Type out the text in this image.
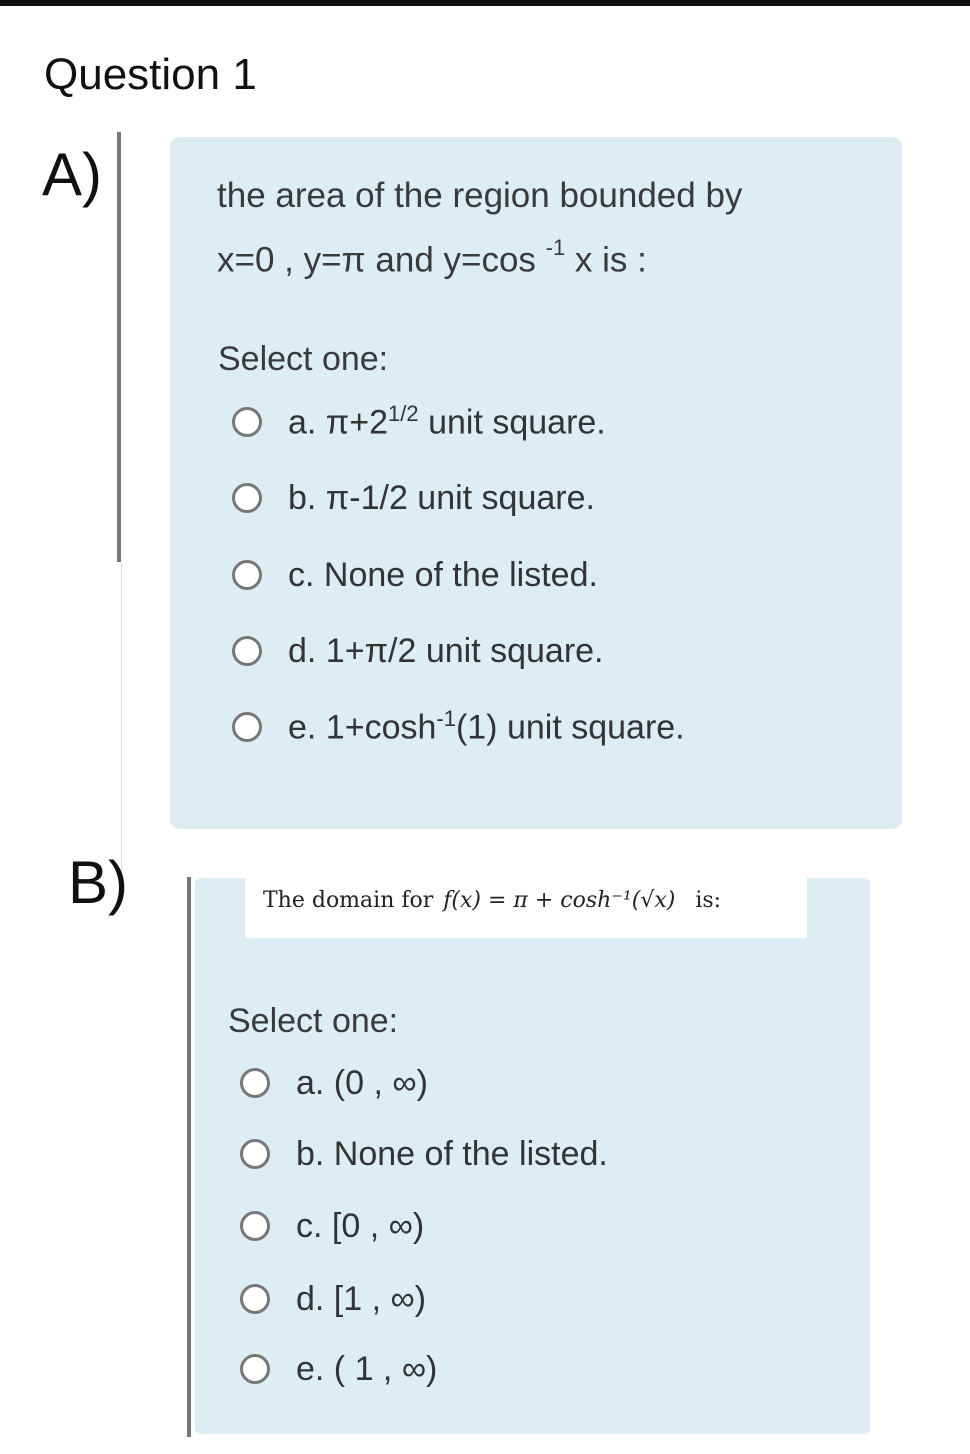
Question 1
A)	the area of the region bounded by
x=0 , y=π and y=cos $^{-1}$ x is :
Select one:
a. $\pi+2^{1/2}$ unit square.
b. π-1/2 unit square.
c. None of the listed.
d. 1+π/2 unit square.
e. $1+\cosh^{-1}(1)$ unit square.
B)	The domain for f(x) = π + cosh⁻¹(√x) is:
Select one:
a. (0 , ∞)
b. None of the listed.
c. [0 , ∞)
d. [1 , ∞)
e. ( 1 , ∞)
